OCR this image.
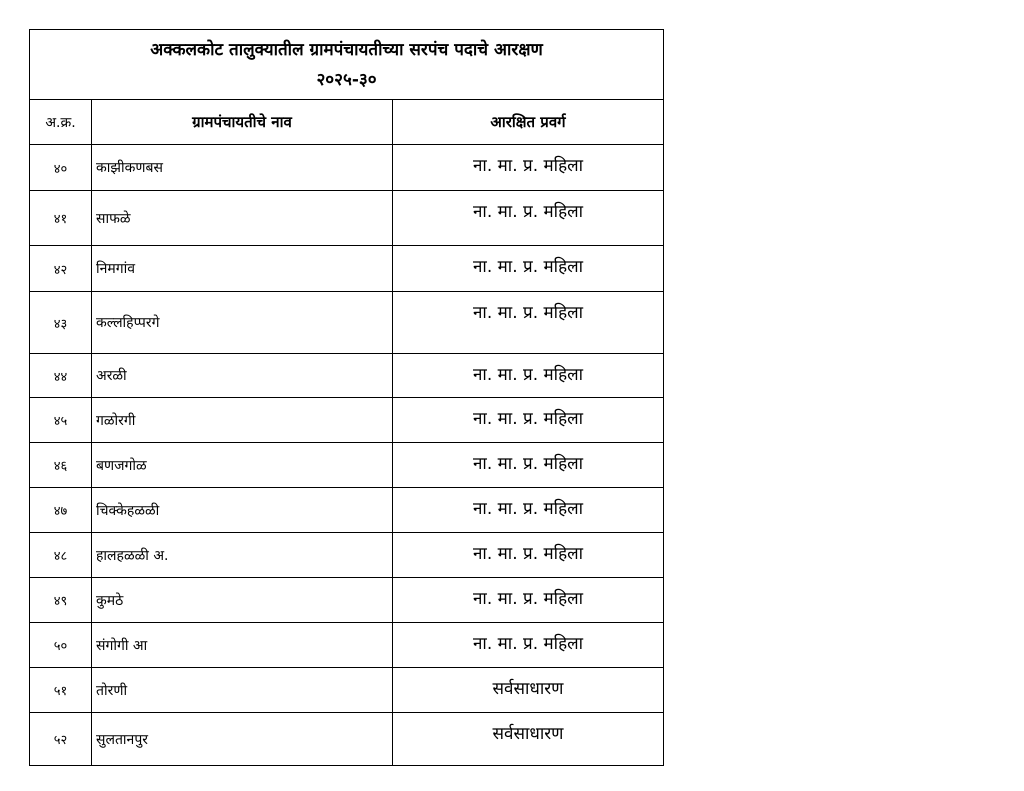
अक्कलकोट तालुक्यातील ग्रामपंचायतीच्या सरपंच पदाचे आरक्षण
२०२५-३०		

अ.क्र.	ग्रामपंचायतीचे नाव	आरक्षित प्रवर्ग
४०	काझीकणबस	ना. मा. प्र. महिला
४१	साफळे	ना. मा. प्र. महिला
४२	निमगांव	ना. मा. प्र. महिला
४३	कल्लहिप्परगे	ना. मा. प्र. महिला
४४	अरळी	ना. मा. प्र. महिला
४५	गळोरगी	ना. मा. प्र. महिला
४६	बणजगोळ	ना. मा. प्र. महिला
४७	चिक्केहळळी	ना. मा. प्र. महिला
४८	हालहळळी अ.	ना. मा. प्र. महिला
४९	कुमठे	ना. मा. प्र. महिला
५०	संगोगी आ	ना. मा. प्र. महिला
५१	तोरणी	सर्वसाधारण
५२	सुलतानपुर	सर्वसाधारण
